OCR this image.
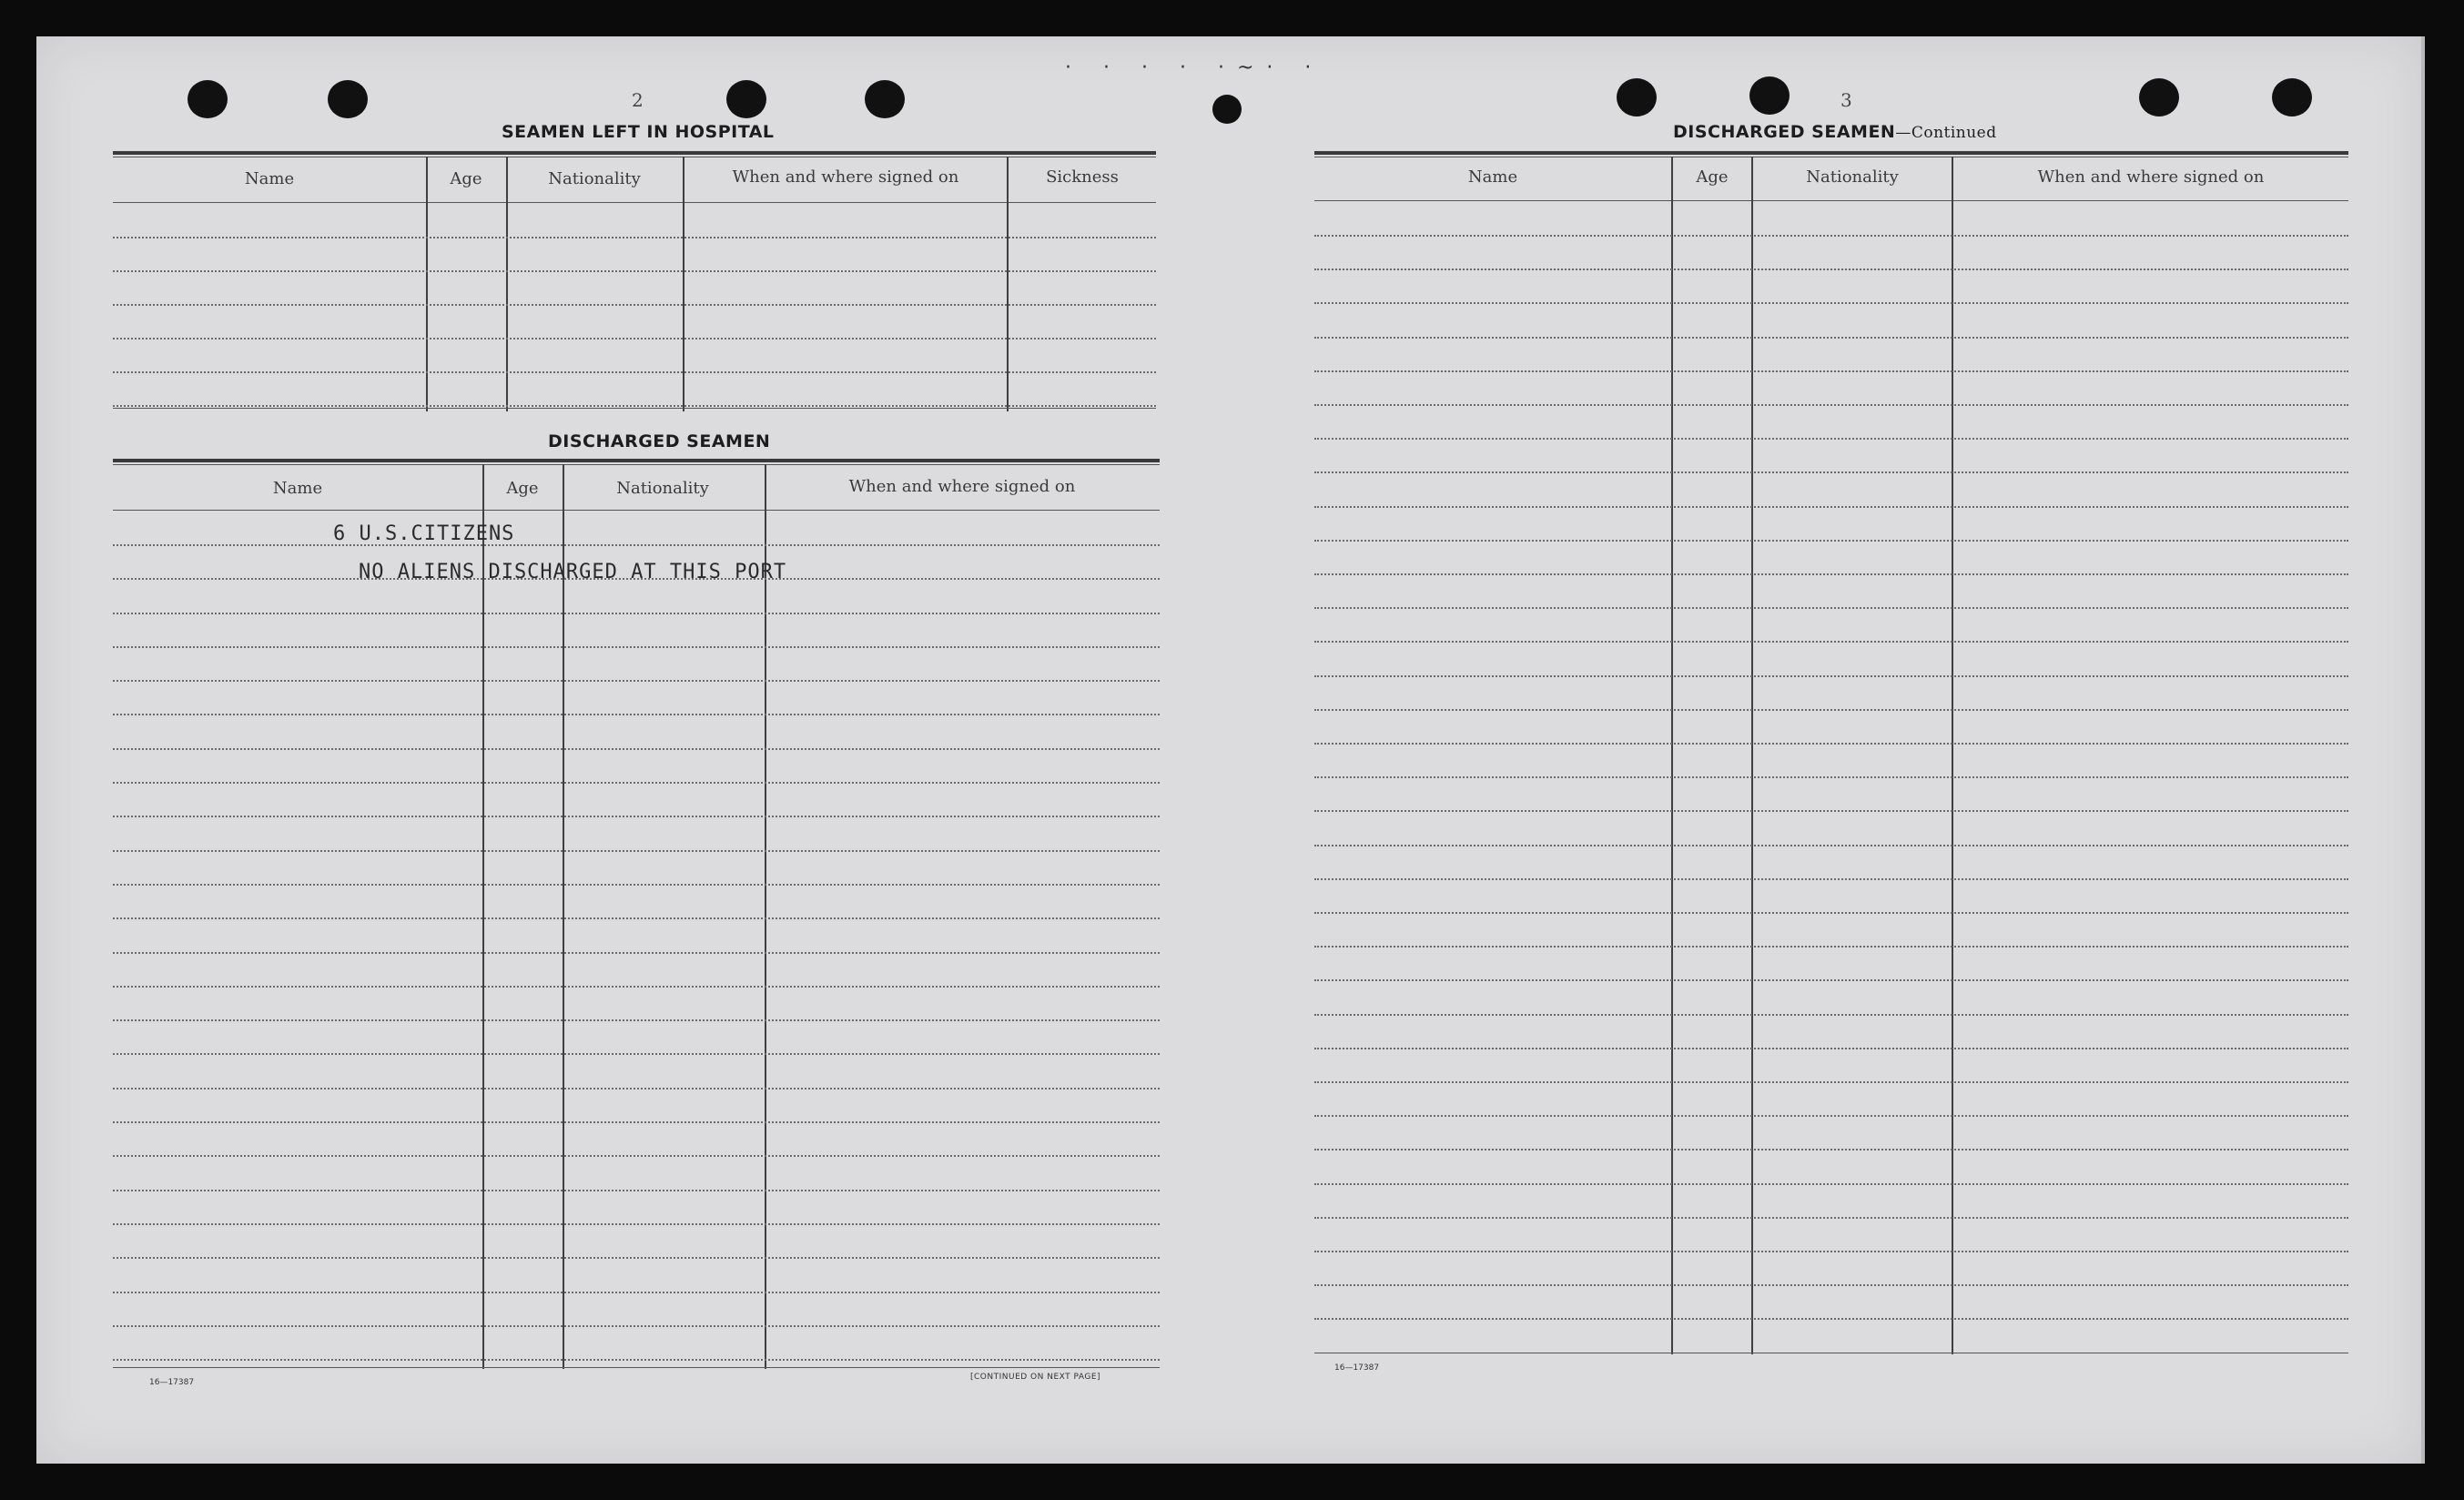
· · · · ·~· ·
2
SEAMEN LEFT IN HOSPITAL
Name	Age	Nationality	When and where signed on	Sickness
DISCHARGED SEAMEN
Name	Age	Nationality	When and where signed on
6 U.S.CITIZENS
NO ALIENS DISCHARGED AT THIS PORT
16—17387
[CONTINUED ON NEXT PAGE]
3
DISCHARGED SEAMEN—Continued
Name	Age	Nationality	When and where signed on
16—17387
